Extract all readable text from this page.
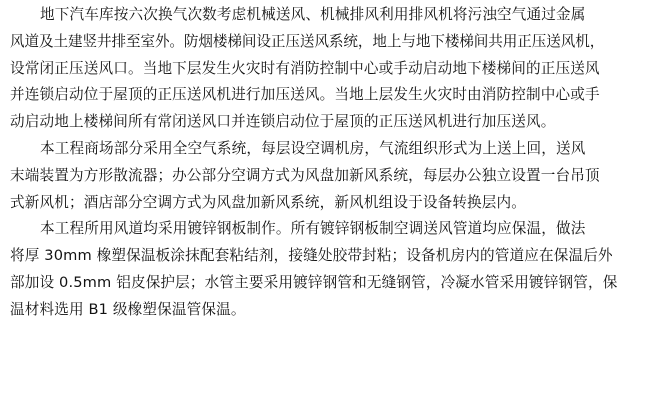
地下汽车库按六次换气次数考虑机械送风、机械排风利用排风机将污浊空气通过金属
风道及土建竖井排至室外。防烟楼梯间设正压送风系统，地上与地下楼梯间共用正压送风机，
设常闭正压送风口。当地下层发生火灾时有消防控制中心或手动启动地下楼梯间的正压送风
并连锁启动位于屋顶的正压送风机进行加压送风。当地上层发生火灾时由消防控制中心或手
动启动地上楼梯间所有常闭送风口并连锁启动位于屋顶的正压送风机进行加压送风。
本工程商场部分采用全空气系统，每层设空调机房，气流组织形式为上送上回，送风
末端装置为方形散流器；办公部分空调方式为风盘加新风系统，每层办公独立设置一台吊顶
式新风机；酒店部分空调方式为风盘加新风系统，新风机组设于设备转换层内。
本工程所用风道均采用镀锌钢板制作。所有镀锌钢板制空调送风管道均应保温，做法
将厚 30mm 橡塑保温板涂抹配套粘结剂，接缝处胶带封粘；设备机房内的管道应在保温后外
部加设 0.5mm 铝皮保护层；水管主要采用镀锌钢管和无缝钢管，冷凝水管采用镀锌钢管，保
温材料选用 B1 级橡塑保温管保温。
